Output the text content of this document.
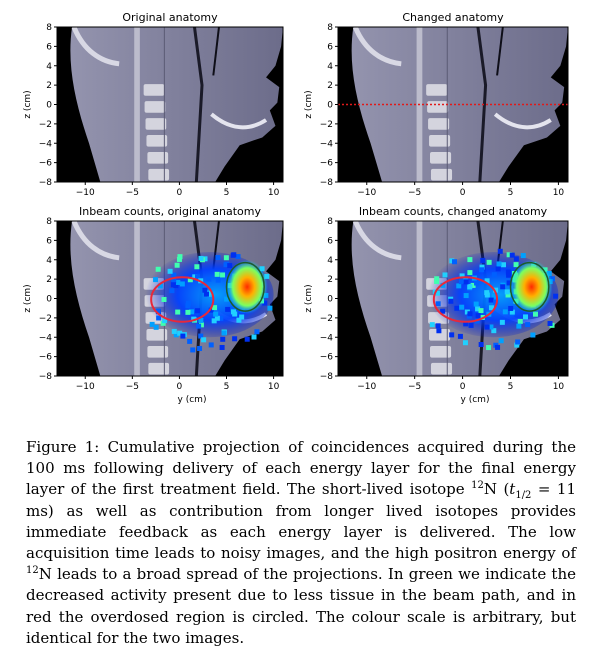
Original anatomy
−10	−5	0	5	10
8
6
4
2
0
−2
−4
−6
−8
z (cm)
Changed anatomy
−10	−5	0	5	10
8
6
4
2
0
−2
−4
−6
−8
z (cm)
Inbeam counts, original anatomy
−10	−5	0	5	10
8
6
4
2
0
−2
−4
−6
−8
z (cm)
y (cm)
Inbeam counts, changed anatomy
−10	−5	0	5	10
8
6
4
2
0
−2
−4
−6
−8
z (cm)
y (cm)
Figure 1: Cumulative projection of coincidences acquired during the 100 ms following delivery of each energy layer for the final energy layer of the first treatment field. The short-lived isotope $^{12}$N ($t_{1/2} = 11$ ms) as well as contribution from longer lived isotopes provides immediate feedback as each energy layer is delivered. The low acquisition time leads to noisy images, and the high positron energy of $^{12}$N leads to a broad spread of the projections. In green we indicate the decreased activity present due to less tissue in the beam path, and in red the overdosed region is circled. The colour scale is arbitrary, but identical for the two images.
